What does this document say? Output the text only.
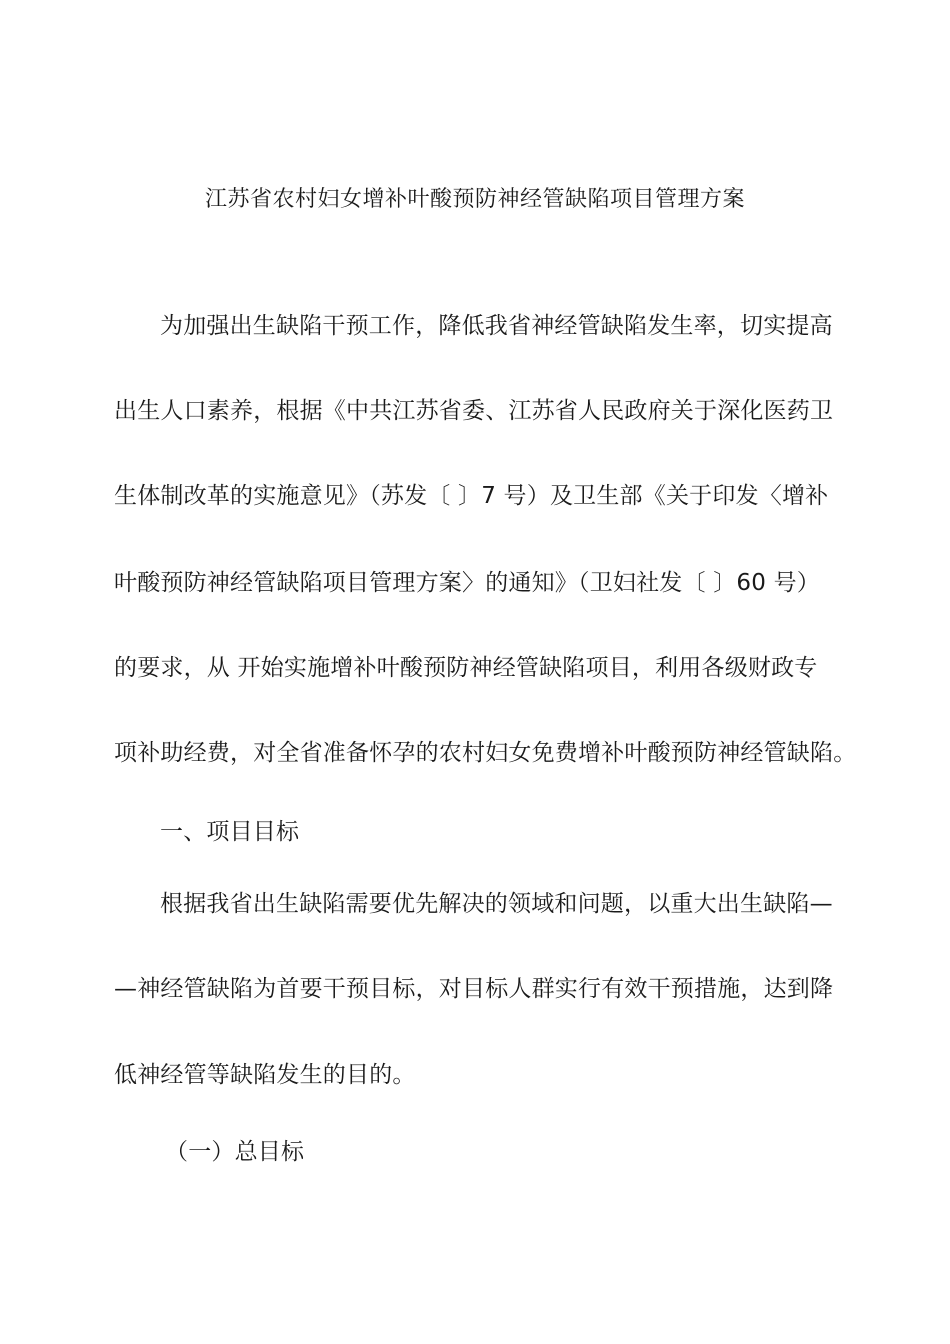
江苏省农村妇女增补叶酸预防神经管缺陷项目管理方案
为加强出生缺陷干预工作，降低我省神经管缺陷发生率，切实提高
出生人口素养，根据《中共江苏省委、江苏省人民政府关于深化医药卫
生体制改革的实施意见》（苏发〔 〕7 号）及卫生部《关于印发〈增补
叶酸预防神经管缺陷项目管理方案〉的通知》（卫妇社发〔 〕60 号）
的要求，从 开始实施增补叶酸预防神经管缺陷项目，利用各级财政专
项补助经费，对全省准备怀孕的农村妇女免费增补叶酸预防神经管缺陷。
一、项目目标
根据我省出生缺陷需要优先解决的领域和问题，以重大出生缺陷—
—神经管缺陷为首要干预目标，对目标人群实行有效干预措施，达到降
低神经管等缺陷发生的目的。
（一）总目标
